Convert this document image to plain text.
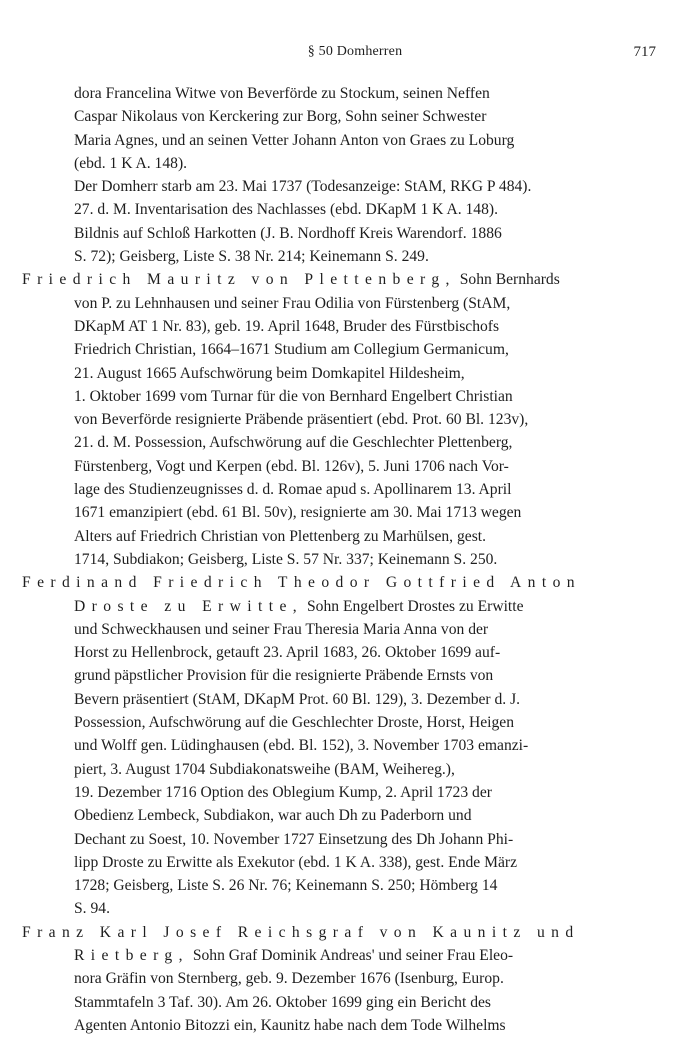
§ 50 Domherren	717
dora Francelina Witwe von Beverförde zu Stockum, seinen Neffen
Caspar Nikolaus von Kerckering zur Borg, Sohn seiner Schwester
Maria Agnes, und an seinen Vetter Johann Anton von Graes zu Loburg
(ebd. 1 K A. 148).
Der Domherr starb am 23. Mai 1737 (Todesanzeige: StAM, RKG P 484).
27. d. M. Inventarisation des Nachlasses (ebd. DKapM 1 K A. 148).
Bildnis auf Schloß Harkotten (J. B. Nordhoff Kreis Warendorf. 1886
S. 72); Geisberg, Liste S. 38 Nr. 214; Keinemann S. 249.
Friedrich Mauritz von Plettenberg, Sohn Bernhards
von P. zu Lehnhausen und seiner Frau Odilia von Fürstenberg (StAM,
DKapM AT 1 Nr. 83), geb. 19. April 1648, Bruder des Fürstbischofs
Friedrich Christian, 1664–1671 Studium am Collegium Germanicum,
21. August 1665 Aufschwörung beim Domkapitel Hildesheim,
1. Oktober 1699 vom Turnar für die von Bernhard Engelbert Christian
von Beverförde resignierte Präbende präsentiert (ebd. Prot. 60 Bl. 123v),
21. d. M. Possession, Aufschwörung auf die Geschlechter Plettenberg,
Fürstenberg, Vogt und Kerpen (ebd. Bl. 126v), 5. Juni 1706 nach Vor-
lage des Studienzeugnisses d. d. Romae apud s. Apollinarem 13. April
1671 emanzipiert (ebd. 61 Bl. 50v), resignierte am 30. Mai 1713 wegen
Alters auf Friedrich Christian von Plettenberg zu Marhülsen, gest.
1714, Subdiakon; Geisberg, Liste S. 57 Nr. 337; Keinemann S. 250.
Ferdinand Friedrich Theodor Gottfried Anton
Droste zu Erwitte, Sohn Engelbert Drostes zu Erwitte
und Schweckhausen und seiner Frau Theresia Maria Anna von der
Horst zu Hellenbrock, getauft 23. April 1683, 26. Oktober 1699 auf-
grund päpstlicher Provision für die resignierte Präbende Ernsts von
Bevern präsentiert (StAM, DKapM Prot. 60 Bl. 129), 3. Dezember d. J.
Possession, Aufschwörung auf die Geschlechter Droste, Horst, Heigen
und Wolff gen. Lüdinghausen (ebd. Bl. 152), 3. November 1703 emanzi-
piert, 3. August 1704 Subdiakonatsweihe (BAM, Weihereg.),
19. Dezember 1716 Option des Oblegium Kump, 2. April 1723 der
Obedienz Lembeck, Subdiakon, war auch Dh zu Paderborn und
Dechant zu Soest, 10. November 1727 Einsetzung des Dh Johann Phi-
lipp Droste zu Erwitte als Exekutor (ebd. 1 K A. 338), gest. Ende März
1728; Geisberg, Liste S. 26 Nr. 76; Keinemann S. 250; Hömberg 14
S. 94.
Franz Karl Josef Reichsgraf von Kaunitz und
Rietberg, Sohn Graf Dominik Andreas' und seiner Frau Eleo-
nora Gräfin von Sternberg, geb. 9. Dezember 1676 (Isenburg, Europ.
Stammtafeln 3 Taf. 30). Am 26. Oktober 1699 ging ein Bericht des
Agenten Antonio Bitozzi ein, Kaunitz habe nach dem Tode Wilhelms
